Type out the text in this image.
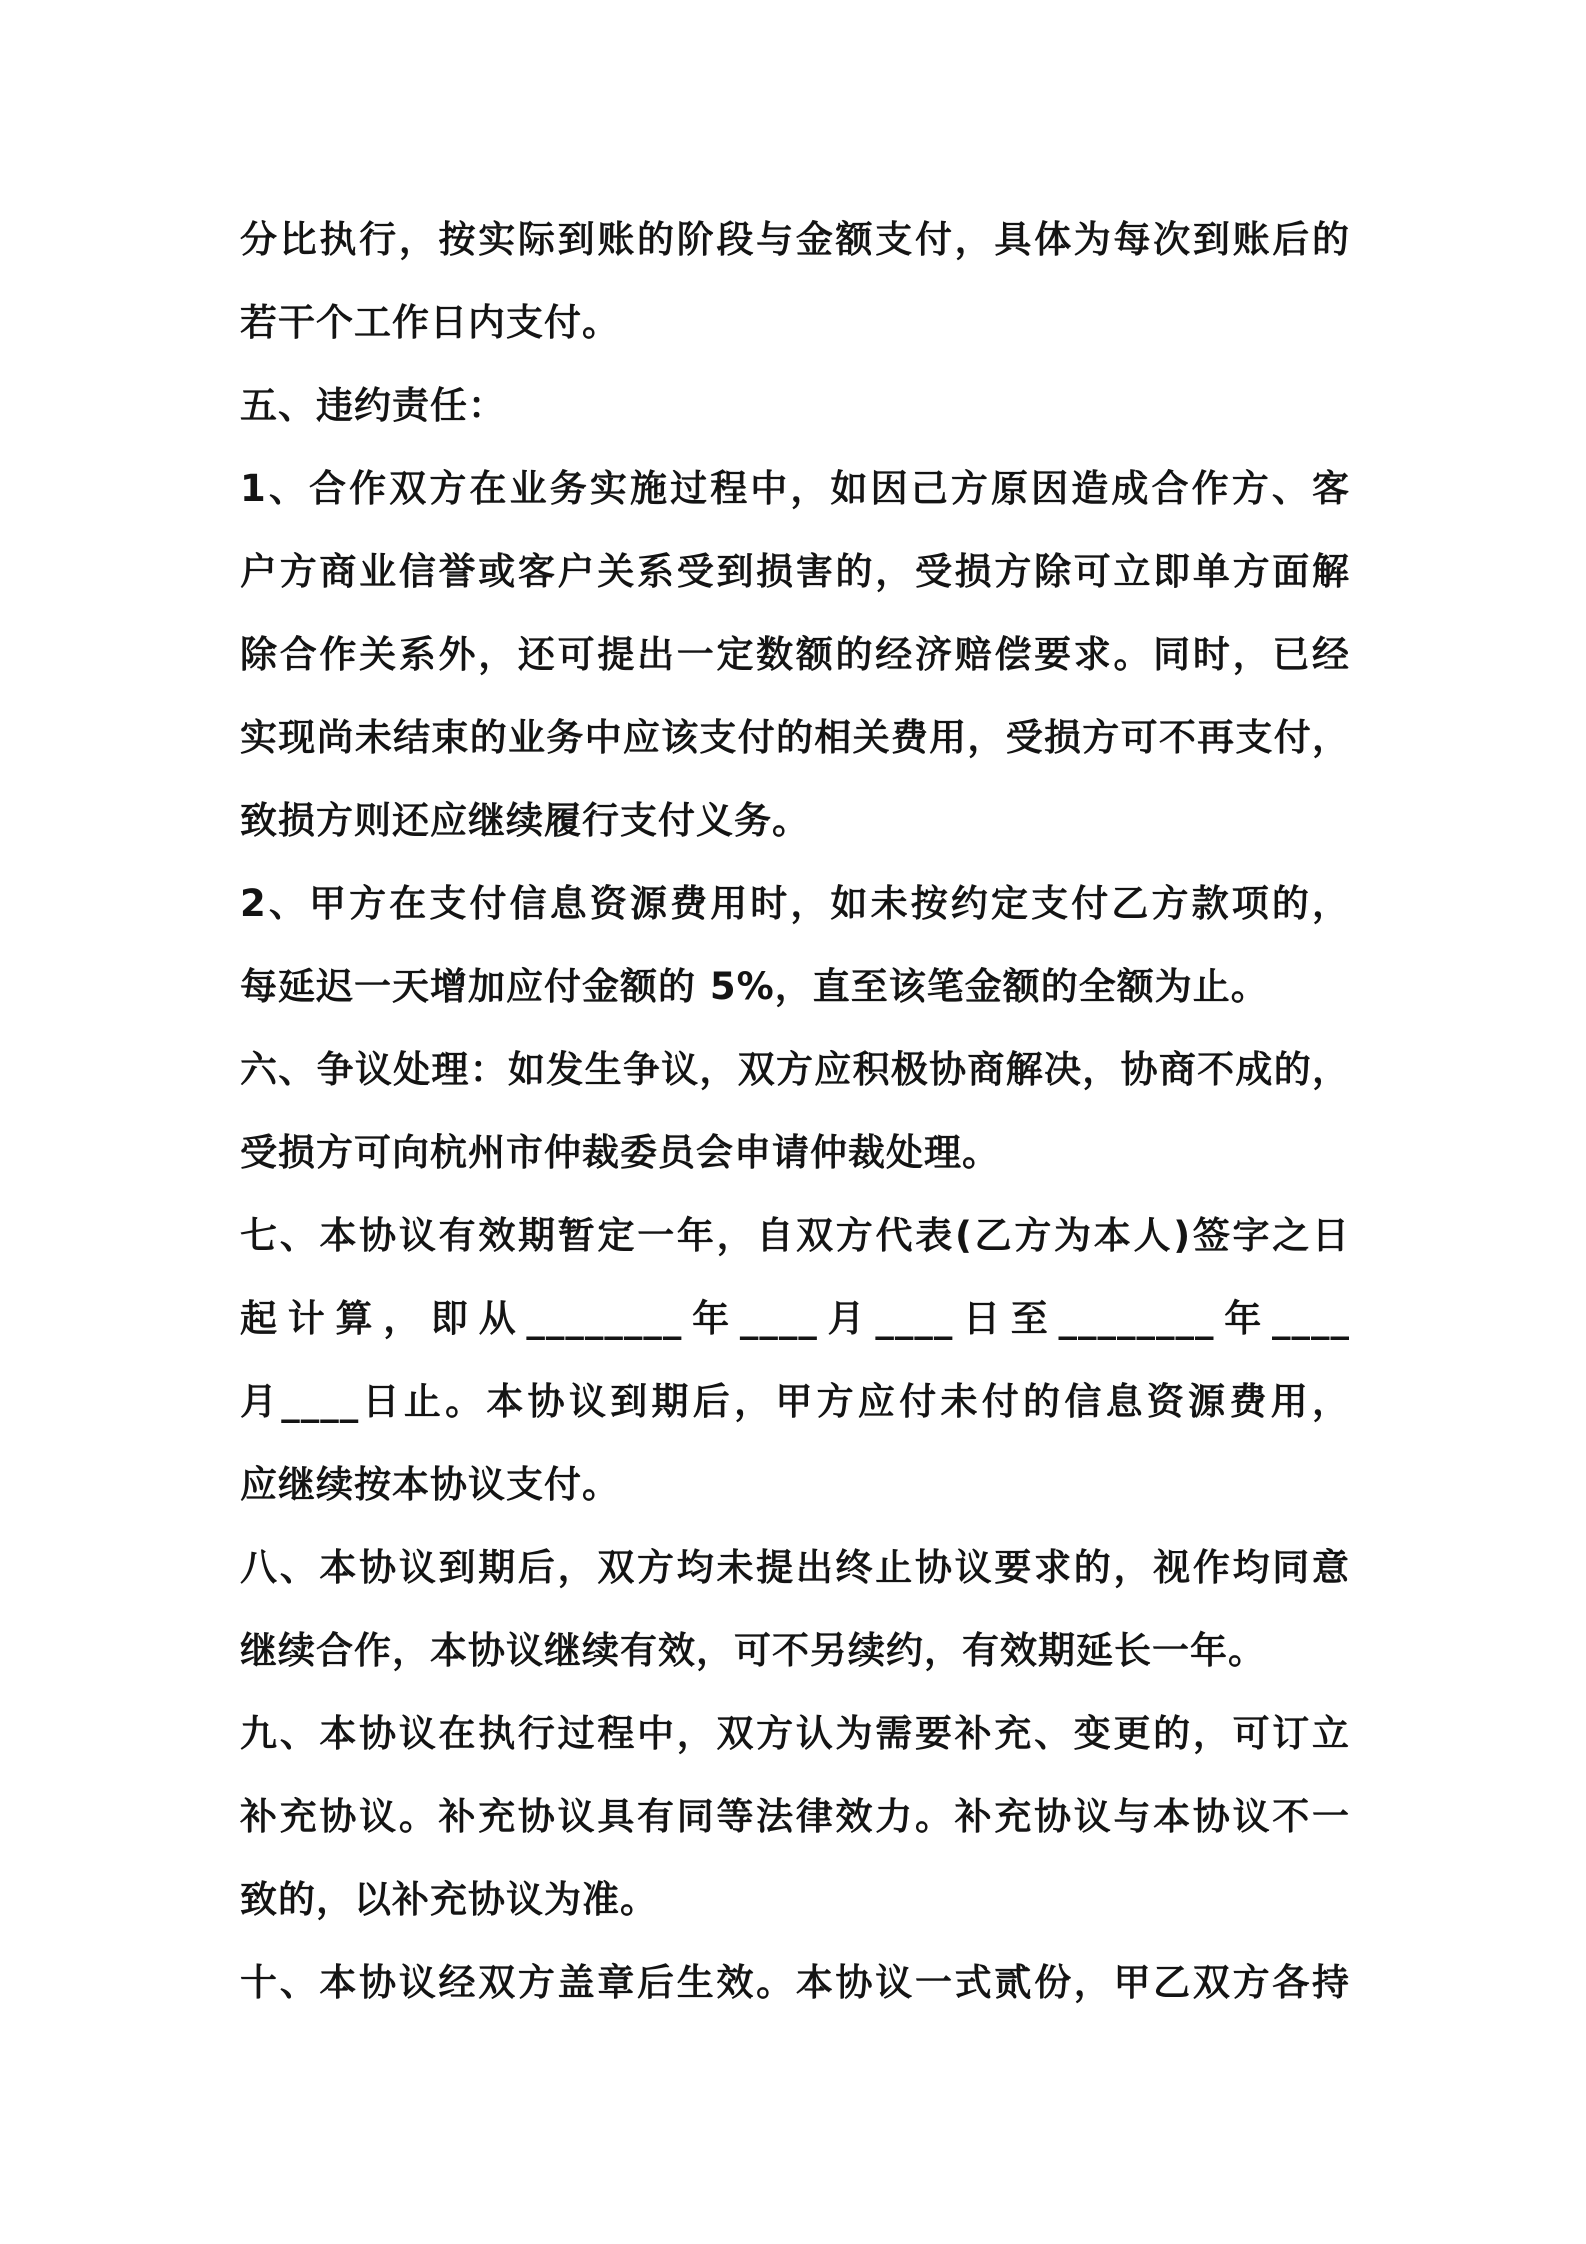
分比执行，按实际到账的阶段与金额支付，具体为每次到账后的
若干个工作日内支付。
五、违约责任：
1、合作双方在业务实施过程中，如因己方原因造成合作方、客
户方商业信誉或客户关系受到损害的，受损方除可立即单方面解
除合作关系外，还可提出一定数额的经济赔偿要求。同时，已经
实现尚未结束的业务中应该支付的相关费用，受损方可不再支付，
致损方则还应继续履行支付义务。
2、甲方在支付信息资源费用时，如未按约定支付乙方款项的，
每延迟一天增加应付金额的 5%，直至该笔金额的全额为止。
六、争议处理：如发生争议，双方应积极协商解决，协商不成的，
受损方可向杭州市仲裁委员会申请仲裁处理。
七、本协议有效期暂定一年，自双方代表(乙方为本人)签字之日
起计算，即从________年____月____日至________年____
月____日止。本协议到期后，甲方应付未付的信息资源费用，
应继续按本协议支付。
八、本协议到期后，双方均未提出终止协议要求的，视作均同意
继续合作，本协议继续有效，可不另续约，有效期延长一年。
九、本协议在执行过程中，双方认为需要补充、变更的，可订立
补充协议。补充协议具有同等法律效力。补充协议与本协议不一
致的，以补充协议为准。
十、本协议经双方盖章后生效。本协议一式贰份，甲乙双方各持
